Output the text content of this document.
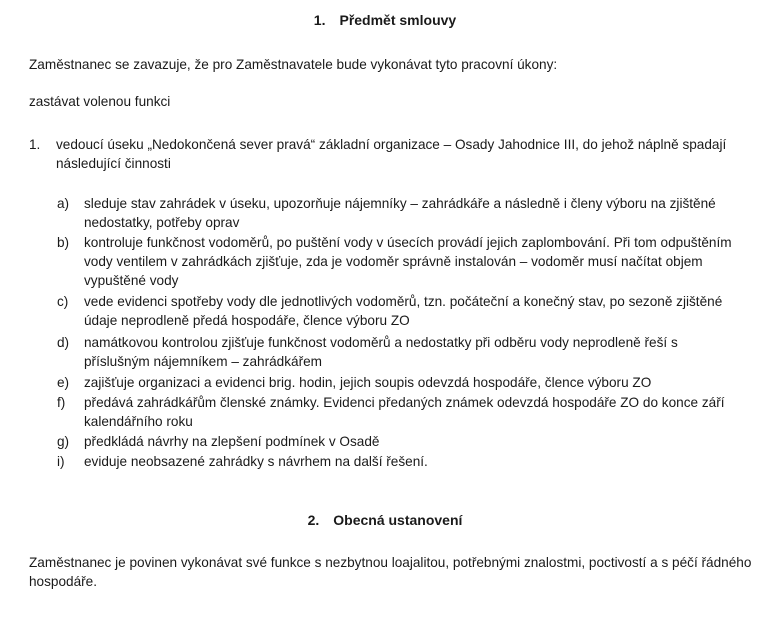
1. Předmět smlouvy
Zaměstnanec se zavazuje, že pro Zaměstnavatele bude vykonávat tyto pracovní úkony:
zastávat volenou funkci
1. vedoucí úseku „Nedokončená sever pravá“ základní organizace – Osady Jahodnice III, do jehož náplně spadají následující činnosti
a)	sleduje stav zahrádek v úseku, upozorňuje nájemníky – zahrádkáře a následně i členy výboru na zjištěné nedostatky, potřeby oprav
b)	kontroluje funkčnost vodoměrů, po puštění vody v úsecích provádí jejich zaplombování. Při tom odpuštěním vody ventilem v zahrádkách zjišťuje, zda je vodoměr správně instalován – vodoměr musí načítat objem vypuštěné vody
c)	vede evidenci spotřeby vody dle jednotlivých vodoměrů, tzn. počáteční a konečný stav, po sezoně zjištěné údaje neprodleně předá hospodáře, člence výboru ZO
d)	namátkovou kontrolou zjišťuje funkčnost vodoměrů a nedostatky při odběru vody neprodleně řeší s příslušným nájemníkem – zahrádkářem
e)	zajišťuje organizaci a evidenci brig. hodin, jejich soupis odevzdá hospodáře, člence výboru ZO
f)	předává zahrádkářům členské známky. Evidenci předaných známek odevzdá hospodáře ZO do konce září kalendářního roku
g)	předkládá návrhy na zlepšení podmínek v Osadě
i)	eviduje neobsazené zahrádky s návrhem na další řešení.
2. Obecná ustanovení
Zaměstnanec je povinen vykonávat své funkce s nezbytnou loajalitou, potřebnými znalostmi, poctivostí a s péčí řádného hospodáře.
